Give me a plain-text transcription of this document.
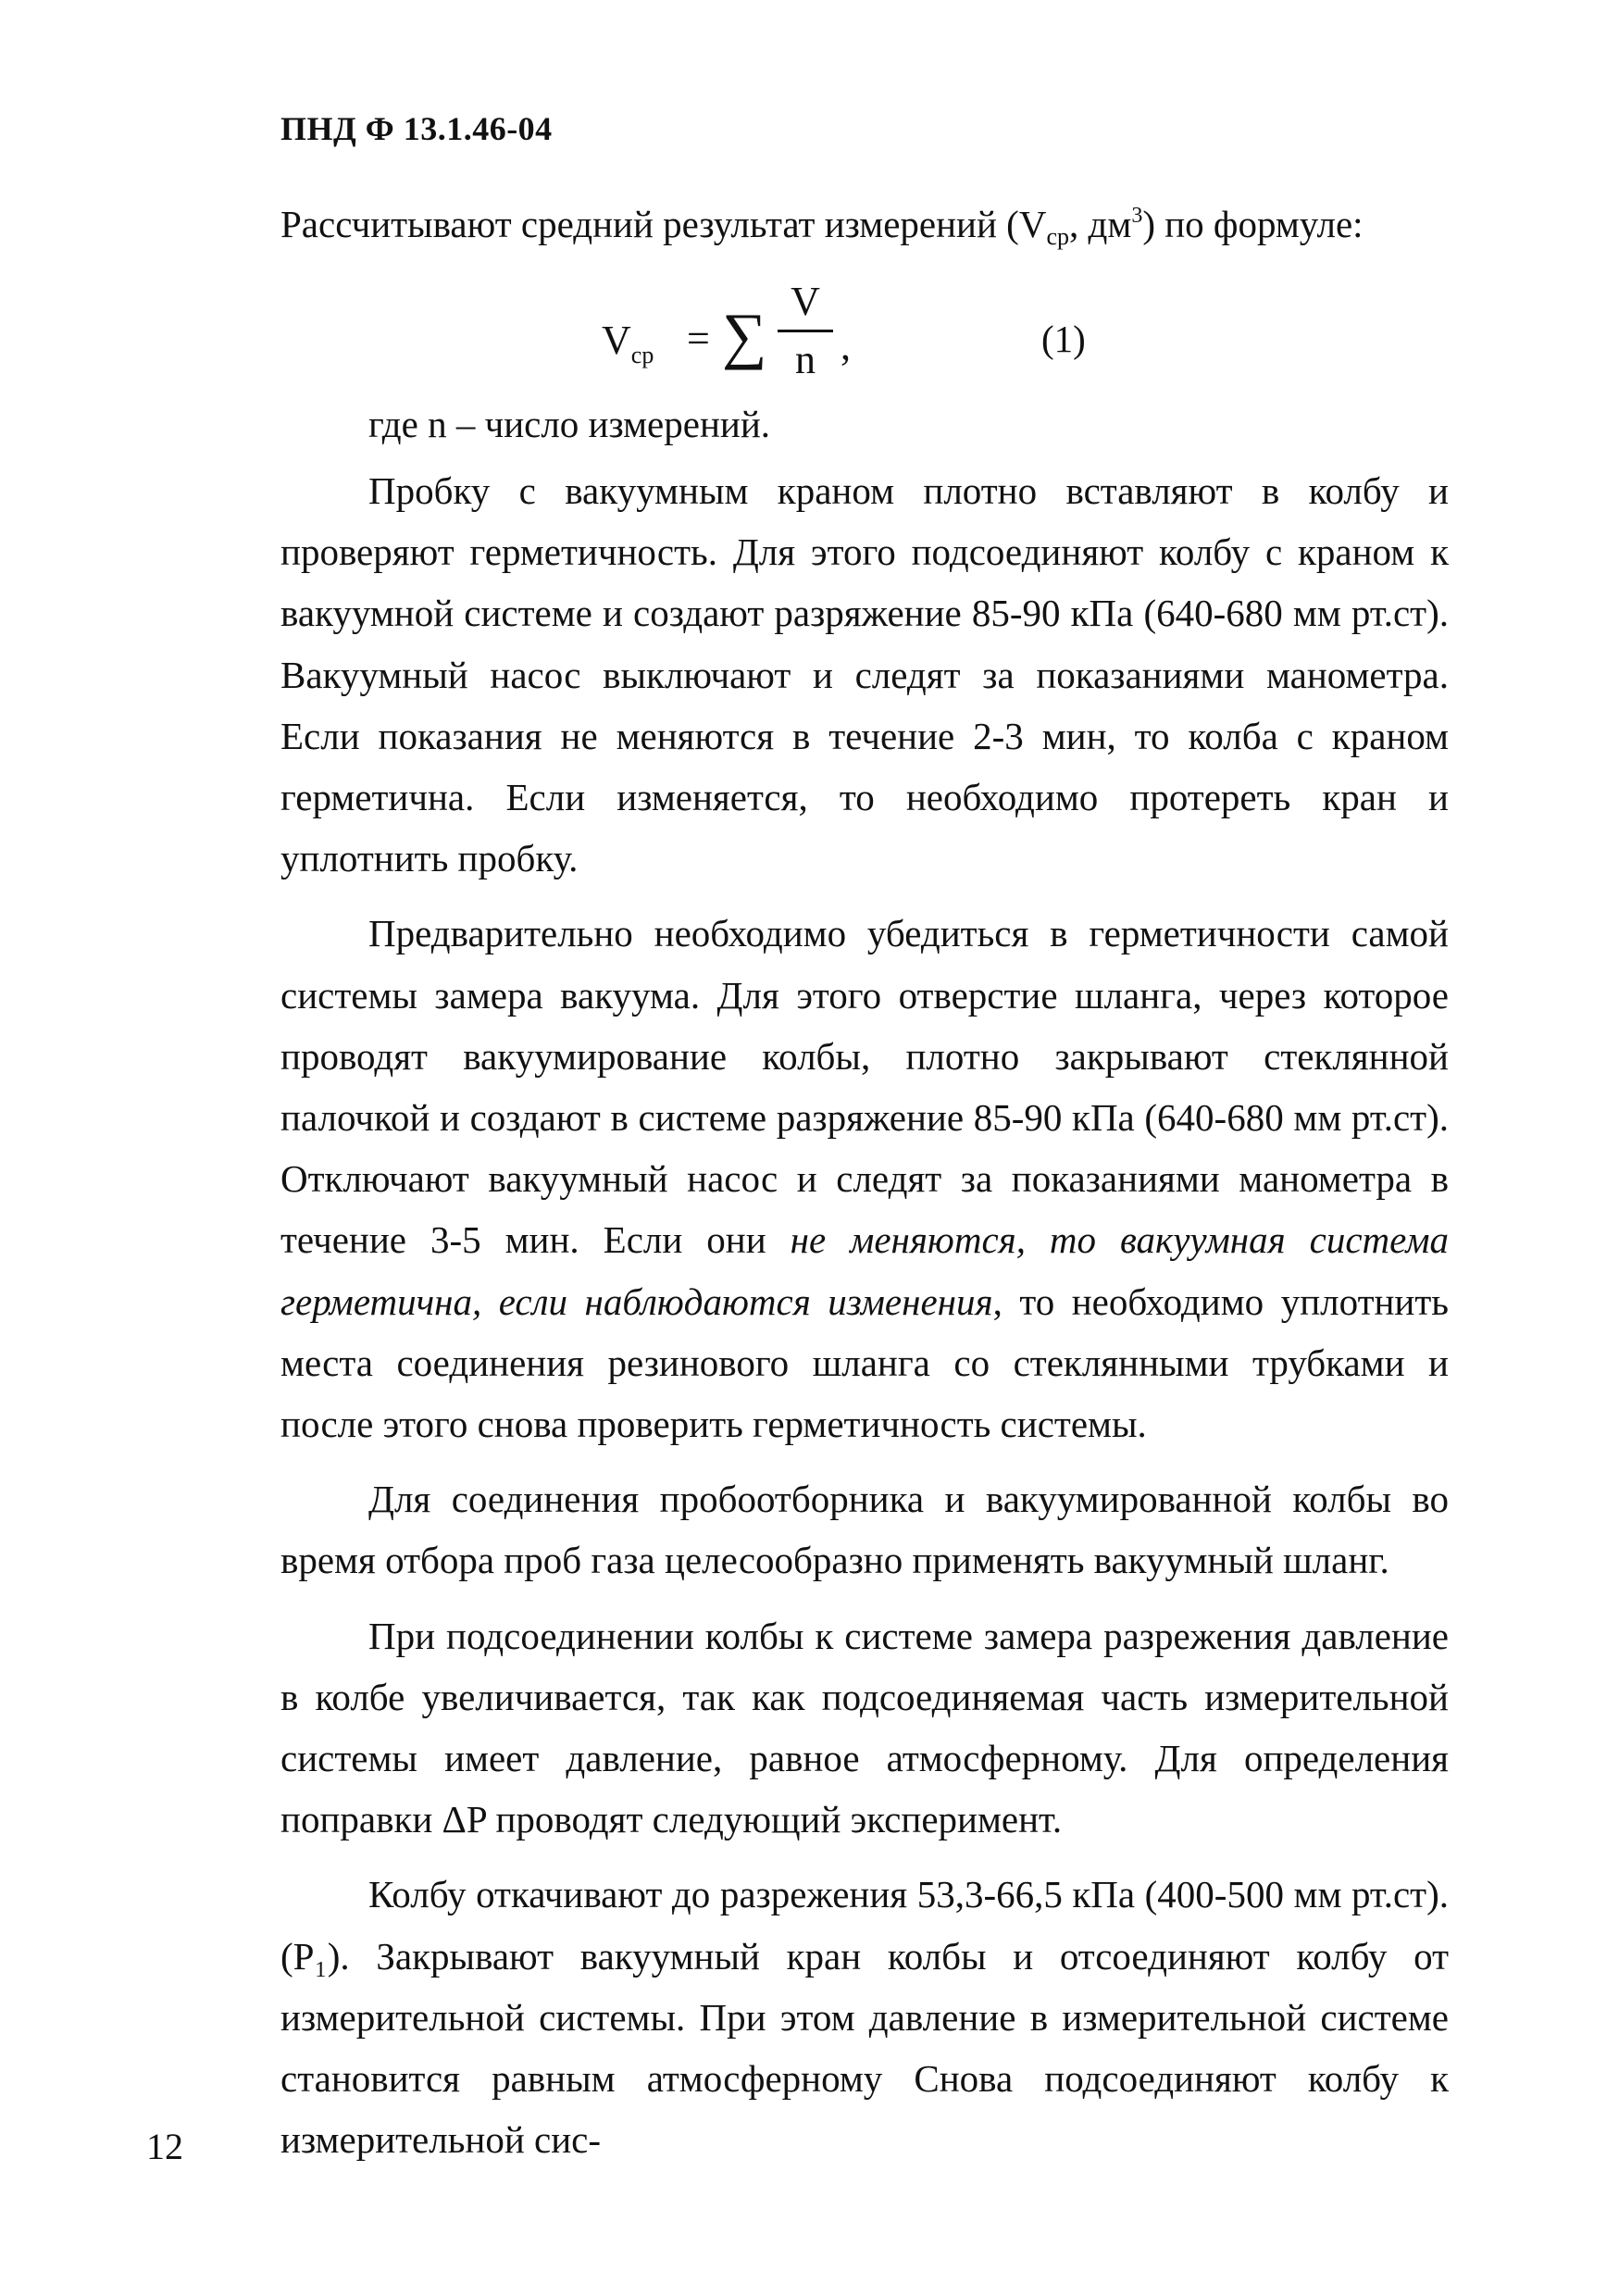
ПНД Ф 13.1.46-04
Рассчитывают средний результат измерений ($V_{ср}$, $дм^3$) по формуле:
$V_{ср}$ = ∑ V
n ,	(1)
где n – число измерений.

Пробку с вакуумным краном плотно вставляют в колбу и проверяют герметичность. Для этого подсоединяют колбу с краном к вакуумной системе и создают разряжение 85-90 кПа (640-680 мм рт.ст). Вакуумный насос выключают и следят за показаниями манометра. Если показания не меняются в течение 2-3 мин, то колба с краном герметична. Если изменяется, то необходимо протереть кран и уплотнить пробку.

Предварительно необходимо убедиться в герметичности самой системы замера вакуума. Для этого отверстие шланга, через которое проводят вакуумирование колбы, плотно закрывают стеклянной палочкой и создают в системе разряжение 85-90 кПа (640-680 мм рт.ст). Отключают вакуумный насос и следят за показаниями манометра в течение 3-5 мин. Если они не меняются, то вакуумная система герметична, если наблюдаются изменения, то необходимо уплотнить места соединения резинового шланга со стеклянными трубками и после этого снова проверить герметичность системы.

Для соединения пробоотборника и вакуумированной колбы во время отбора проб газа целесообразно применять вакуумный шланг.

При подсоединении колбы к системе замера разрежения давление в колбе увеличивается, так как подсоединяемая часть измерительной системы имеет давление, равное атмосферному. Для определения поправки ΔP проводят следующий эксперимент.

Колбу откачивают до разрежения 53,3-66,5 кПа (400-500 мм рт.ст). (P₁). Закрывают вакуумный кран колбы и отсоединяют колбу от измерительной системы. При этом давление в измерительной системе становится равным атмосферному Снова подсоединяют колбу к измерительной сис-

12
